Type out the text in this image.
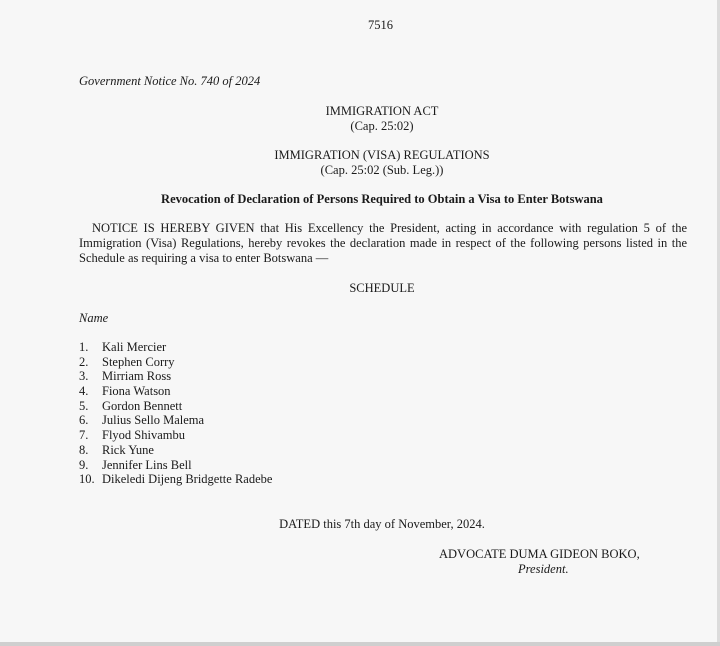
7516
Government Notice No. 740 of 2024
IMMIGRATION ACT
(Cap. 25:02)
IMMIGRATION (VISA) REGULATIONS
(Cap. 25:02 (Sub. Leg.))
Revocation of Declaration of Persons Required to Obtain a Visa to Enter Botswana
NOTICE IS HEREBY GIVEN that His Excellency the President, acting in accordance with regulation 5 of the Immigration (Visa) Regulations, hereby revokes the declaration made in respect of the following persons listed in the Schedule as requiring a visa to enter Botswana —
SCHEDULE
Name
1. Kali Mercier
2. Stephen Corry
3. Mirriam Ross
4. Fiona Watson
5. Gordon Bennett
6. Julius Sello Malema
7. Flyod Shivambu
8. Rick Yune
9. Jennifer Lins Bell
10. Dikeledi Dijeng Bridgette Radebe
DATED this 7th day of November, 2024.
ADVOCATE DUMA GIDEON BOKO,
President.
